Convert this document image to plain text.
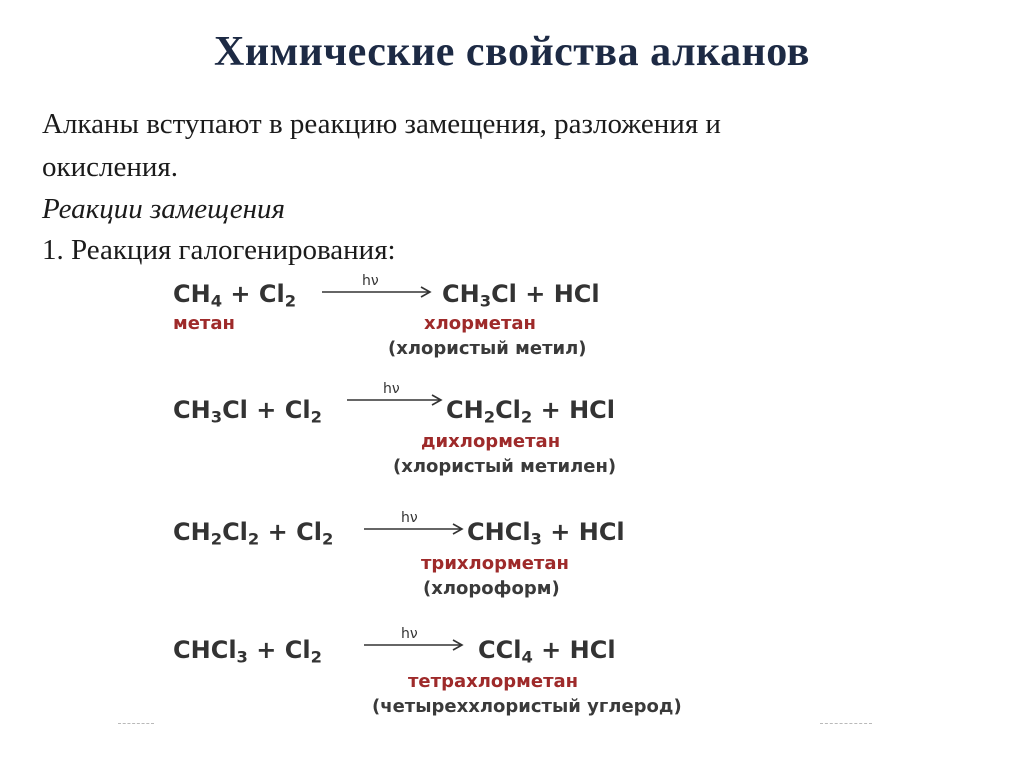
Химические свойства алканов
Алканы вступают в реакцию замещения, разложения и
окисления.
Реакции замещения
1. Реакция галогенирования:
$CH_4 + Cl_2$
hν	$CH_3Cl$ + HCl
метан	хлорметан
(хлористый метил)
$CH_3Cl + Cl_2$
hν
$CH_2Cl_2$ + HCl
дихлорметан
(хлористый метилен)
$CH_2Cl_2 + Cl_2$
hν CHCl$_3$ + HCl
трихлорметан
(хлороформ)
CHCl$_3$ + $Cl_2$
hν
CCl$_4$ + HCl
тетрахлорметан
(четыреххлористый углерод)
